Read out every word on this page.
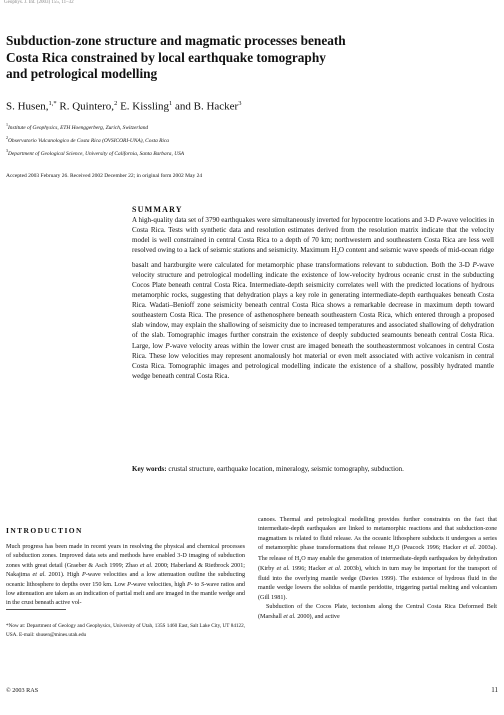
Geophys. J. Int. (2003) 155, 11–32
Subduction-zone structure and magmatic processes beneath
Costa Rica constrained by local earthquake tomography
and petrological modelling
S. Husen,$^{1,*}$ R. Quintero,$^2$ E. Kissling$^1$ and B. Hacker$^3$
$^1$Institute of Geophysics, ETH Hoenggerberg, Zurich, Switzerland
$^2$Observatorio Vulcanologico de Costa Rica (OVSICORI-UNA), Costa Rica
$^3$Department of Geological Science, University of California, Santa Barbara, USA
Accepted 2003 February 26. Received 2002 December 22; in original form 2002 May 24
SUMMARY
A high-quality data set of 3790 earthquakes were simultaneously inverted for hypocentre locations and 3-D P-wave velocities in Costa Rica. Tests with synthetic data and resolution estimates derived from the resolution matrix indicate that the velocity model is well constrained in central Costa Rica to a depth of 70 km; northwestern and southeastern Costa Rica are less well resolved owing to a lack of seismic stations and seismicity. Maximum $H_2O$ content and seismic wave speeds of mid-ocean ridge basalt and harzburgite were calculated for metamorphic phase transformations relevant to subduction. Both the 3-D P-wave velocity structure and petrological modelling indicate the existence of low-velocity hydrous oceanic crust in the subducting Cocos Plate beneath central Costa Rica. Intermediate-depth seismicity correlates well with the predicted locations of hydrous metamorphic rocks, suggesting that dehydration plays a key role in generating intermediate-depth earthquakes beneath Costa Rica. Wadati–Benioff zone seismicity beneath central Costa Rica shows a remarkable decrease in maximum depth toward southeastern Costa Rica. The presence of asthenosphere beneath southeastern Costa Rica, which entered through a proposed slab window, may explain the shallowing of seismicity due to increased temperatures and associated shallowing of dehydration of the slab. Tomographic images further constrain the existence of deeply subducted seamounts beneath central Costa Rica. Large, low P-wave velocity areas within the lower crust are imaged beneath the southeasternmost volcanoes in central Costa Rica. These low velocities may represent anomalously hot material or even melt associated with active volcanism in central Costa Rica. Tomographic images and petrological modelling indicate the existence of a shallow, possibly hydrated mantle wedge beneath central Costa Rica.
Key words: crustal structure, earthquake location, mineralogy, seismic tomography, subduction.
INTRODUCTION
Much progress has been made in recent years in resolving the physical and chemical processes of subduction zones. Improved data sets and methods have enabled 3-D imaging of subduction zones with great detail (Graeber & Asch 1999; Zhao et al. 2000; Haberland & Rietbrock 2001; Nakajima et al. 2001). High P-wave velocities and a low attenuation outline the subducting oceanic lithosphere to depths over 150 km. Low P-wave velocities, high P- to S-wave ratios and low attenuation are taken as an indication of partial melt and are imaged in the mantle wedge and in the crust beneath active vol-
*Now at: Department of Geology and Geophysics, University of Utah, 135S 1460 East, Salt Lake City, UT 84122, USA. E-mail: shusen@mines.utah.edu
canoes. Thermal and petrological modelling provides further constraints on the fact that intermediate-depth earthquakes are linked to metamorphic reactions and that subduction-zone magmatism is related to fluid release. As the oceanic lithosphere subducts it undergoes a series of metamorphic phase transformations that release $H_2O$ (Peacock 1996; Hacker et al. 2003a). The release of $H_2O$ may enable the generation of intermediate-depth earthquakes by dehydration (Kirby et al. 1996; Hacker et al. 2003b), which in turn may be important for the transport of fluid into the overlying mantle wedge (Davies 1999). The existence of hydrous fluid in the mantle wedge lowers the solidus of mantle peridotite, triggering partial melting and volcanism (Gill 1981).
Subduction of the Cocos Plate, tectonism along the Central Costa Rica Deformed Belt (Marshall et al. 2000), and active
© 2003 RAS	11
